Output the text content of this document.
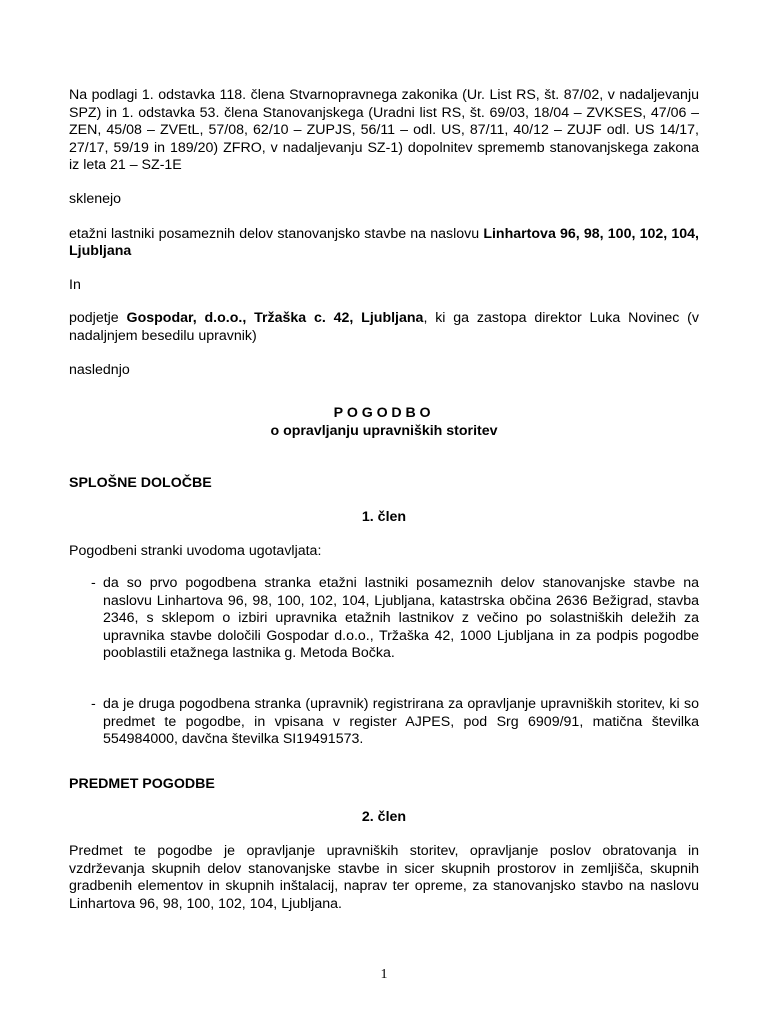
Na podlagi 1. odstavka 118. člena Stvarnopravnega zakonika (Ur. List RS, št. 87/02, v nadaljevanju SPZ) in 1. odstavka 53. člena Stanovanjskega (Uradni list RS, št. 69/03, 18/04 – ZVKSES, 47/06 – ZEN, 45/08 – ZVEtL, 57/08, 62/10 – ZUPJS, 56/11 – odl. US, 87/11, 40/12 – ZUJF odl. US 14/17, 27/17, 59/19 in 189/20) ZFRO, v nadaljevanju SZ-1) dopolnitev sprememb stanovanjskega zakona iz leta 21 – SZ-1E

sklenejo

etažni lastniki posameznih delov stanovanjsko stavbe na naslovu Linhartova 96, 98, 100, 102, 104, Ljubljana

In

podjetje Gospodar, d.o.o., Tržaška c. 42, Ljubljana, ki ga zastopa direktor Luka Novinec (v nadaljnjem besedilu upravnik)

naslednjo

POGODBO
o opravljanju upravniških storitev
SPLOŠNE DOLOČBE
1. člen

Pogodbeni stranki uvodoma ugotavljata:

- da so prvo pogodbena stranka etažni lastniki posameznih delov stanovanjske stavbe na naslovu Linhartova 96, 98, 100, 102, 104, Ljubljana, katastrska občina 2636 Bežigrad, stavba 2346, s sklepom o izbiri upravnika etažnih lastnikov z večino po solastniških deležih za upravnika stavbe določili Gospodar d.o.o., Tržaška 42, 1000 Ljubljana in za podpis pogodbe pooblastili etažnega lastnika g. Metoda Bočka.
- da je druga pogodbena stranka (upravnik) registrirana za opravljanje upravniških storitev, ki so predmet te pogodbe, in vpisana v register AJPES, pod Srg 6909/91, matična številka 554984000, davčna številka SI19491573.
PREDMET POGODBE
2. člen

Predmet te pogodbe je opravljanje upravniških storitev, opravljanje poslov obratovanja in vzdrževanja skupnih delov stanovanjske stavbe in sicer skupnih prostorov in zemljišča, skupnih gradbenih elementov in skupnih inštalacij, naprav ter opreme, za stanovanjsko stavbo na naslovu Linhartova 96, 98, 100, 102, 104, Ljubljana.

1
